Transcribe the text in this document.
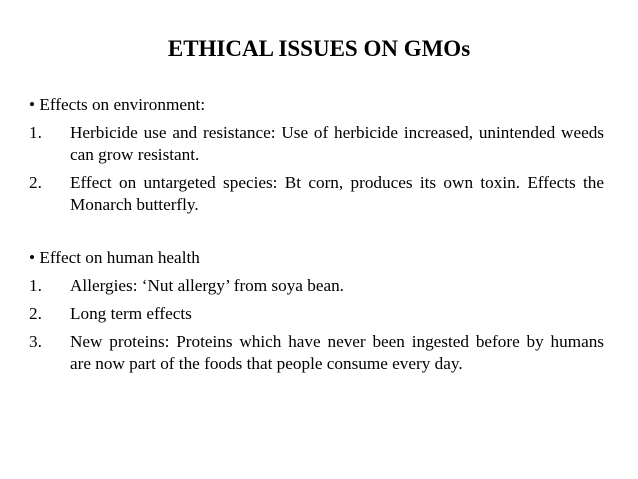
ETHICAL ISSUES ON GMOs

• Effects on environment:

1. Herbicide use and resistance: Use of herbicide increased, unintended weeds can grow resistant.
2. Effect on untargeted species: Bt corn, produces its own toxin. Effects the Monarch butterfly.

• Effect on human health

1. Allergies: ‘Nut allergy’ from soya bean.
2. Long term effects
3. New proteins: Proteins which have never been ingested before by humans are now part of the foods that people consume every day.
